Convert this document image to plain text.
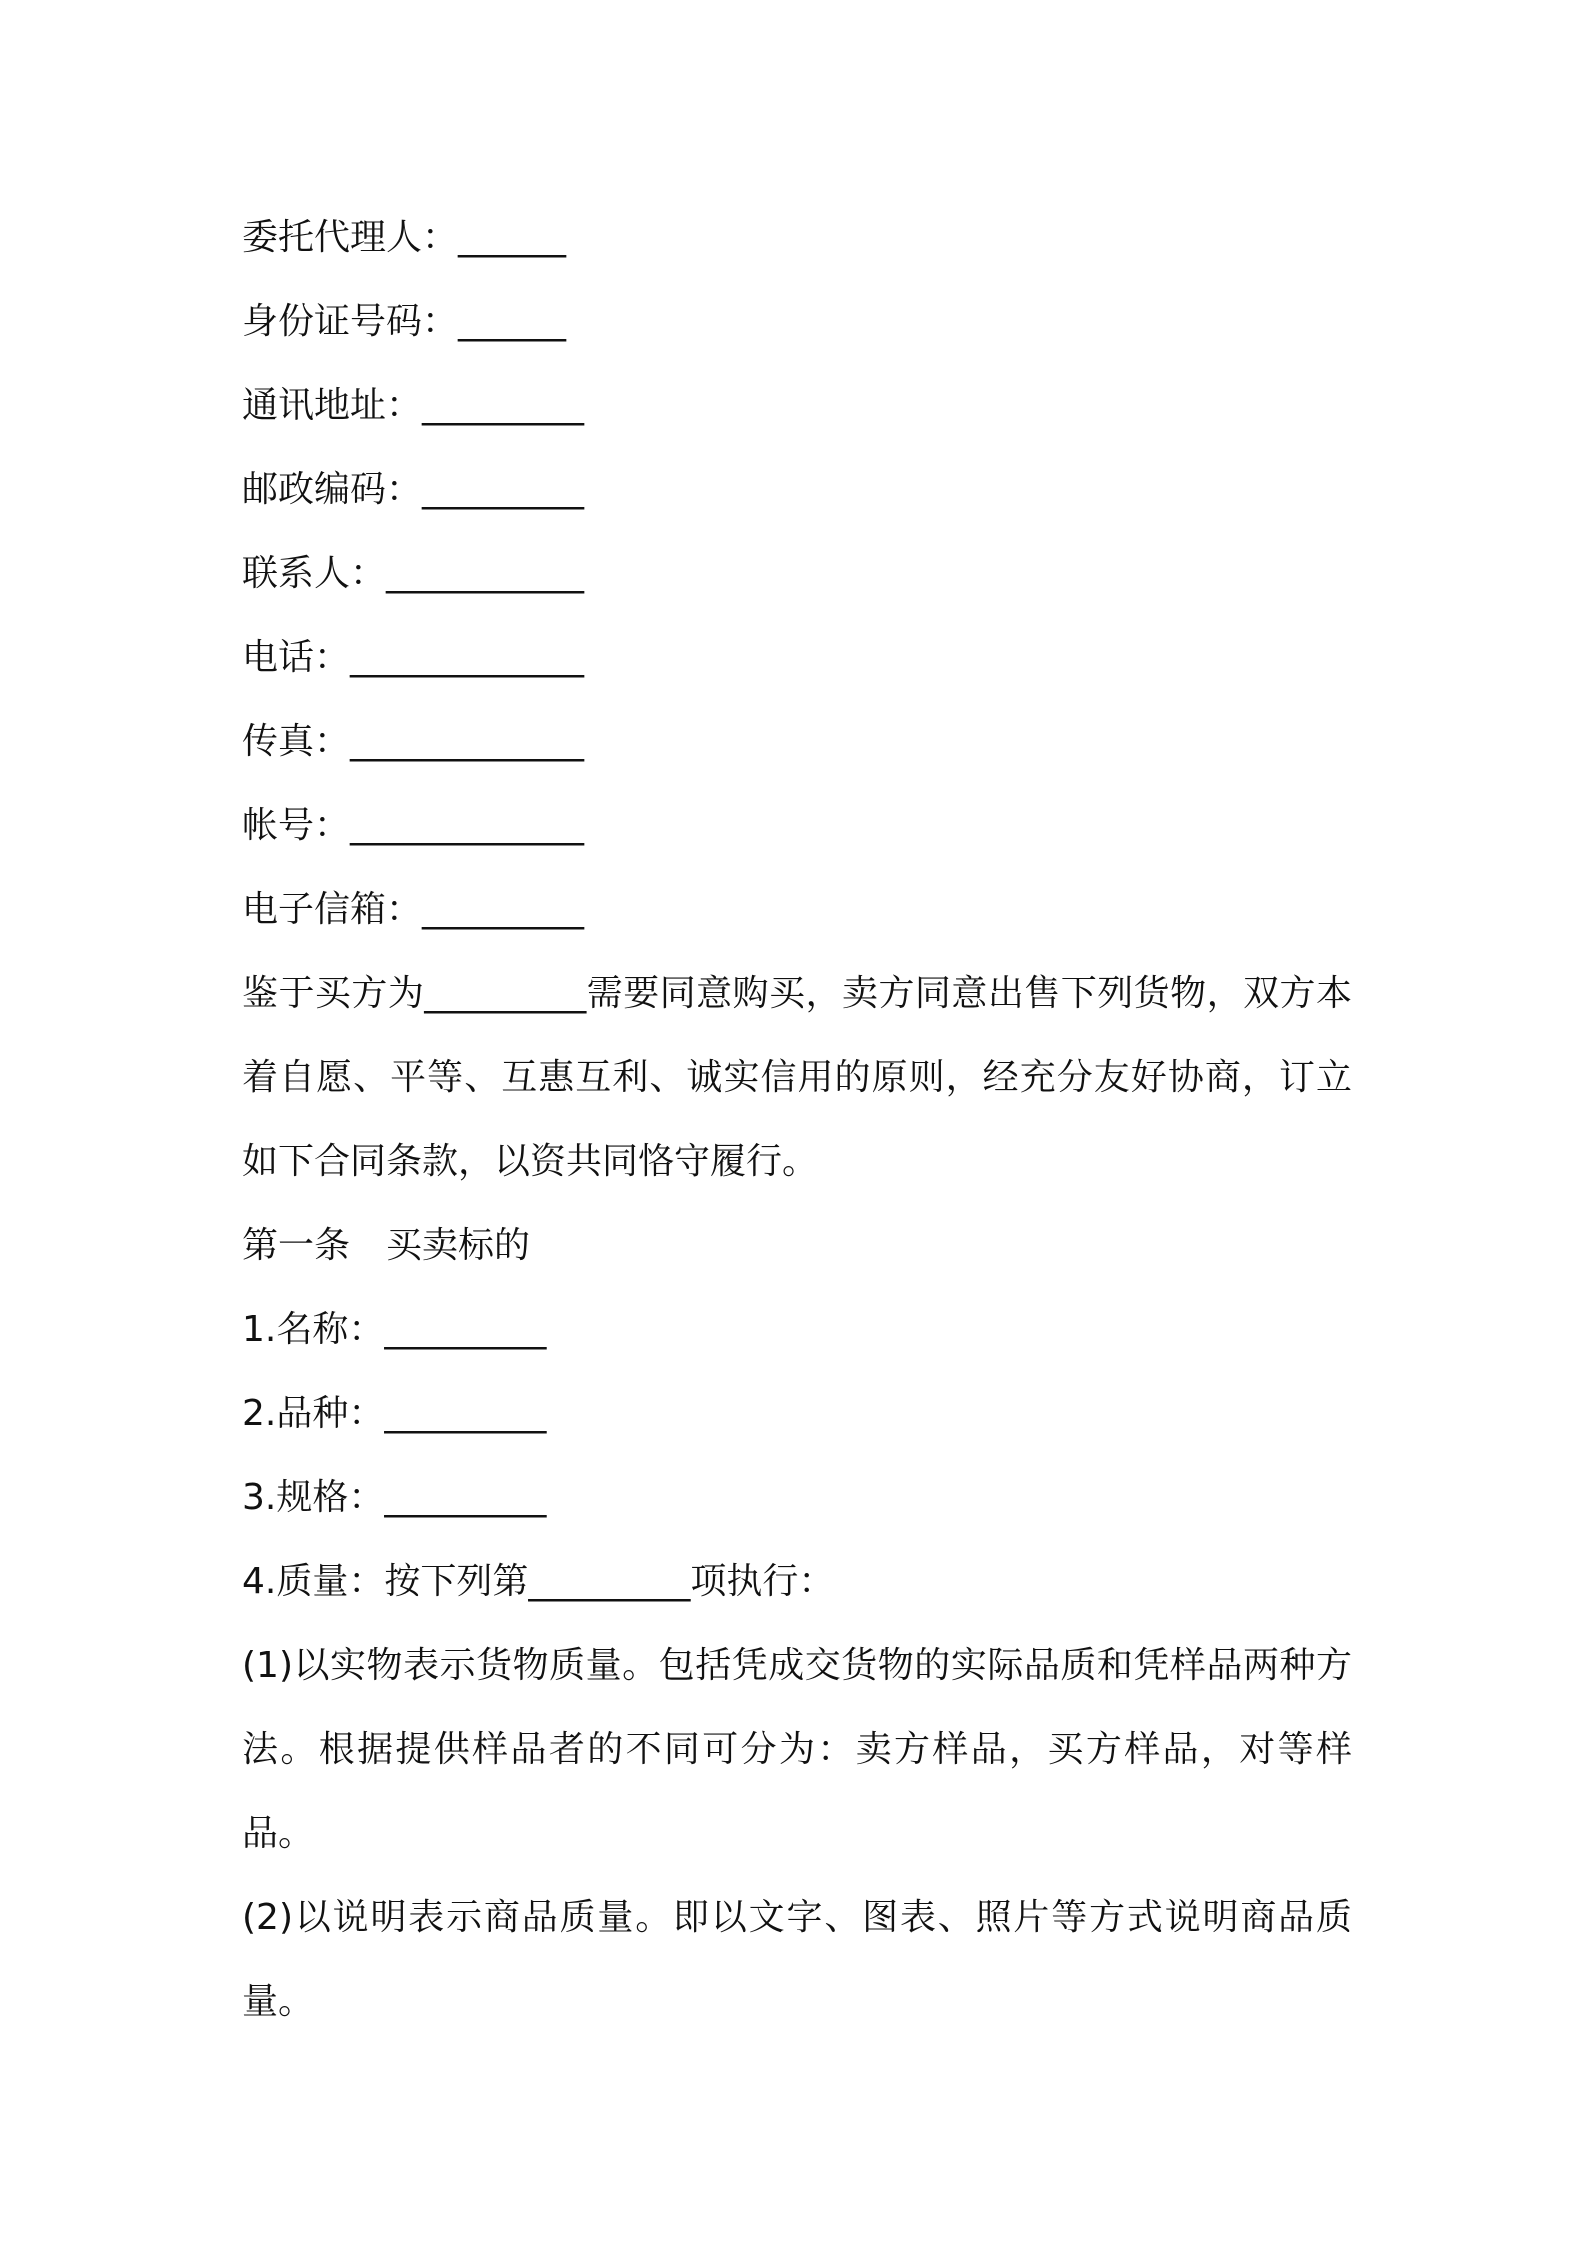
委托代理人：______
身份证号码：______
通讯地址：_________
邮政编码：_________
联系人：___________
电话：_____________
传真：_____________
帐号：_____________
电子信箱：_________
鉴于买方为_________需要同意购买，卖方同意出售下列货物，双方本着自愿、平等、互惠互利、诚实信用的原则，经充分友好协商，订立如下合同条款，以资共同恪守履行。
第一条　买卖标的
1.名称：_________
2.品种：_________
3.规格：_________
4.质量：按下列第_________项执行：
(1)以实物表示货物质量。包括凭成交货物的实际品质和凭样品两种方法。根据提供样品者的不同可分为：卖方样品，买方样品，对等样品。
(2)以说明表示商品质量。即以文字、图表、照片等方式说明商品质量。
